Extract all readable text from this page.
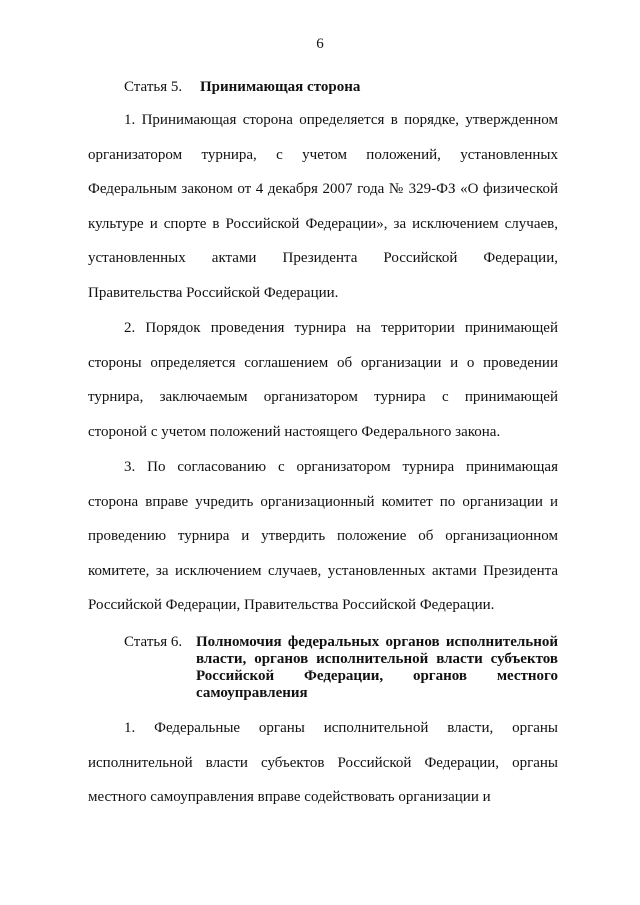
6
Статья 5.	Принимающая сторона

1. Принимающая сторона определяется в порядке, утвержденном организатором турнира, с учетом положений, установленных Федеральным законом от 4 декабря 2007 года № 329-ФЗ «О физической культуре и спорте в Российской Федерации», за исключением случаев, установленных актами Президента Российской Федерации, Правительства Российской Федерации.

2. Порядок проведения турнира на территории принимающей стороны определяется соглашением об организации и о проведении турнира, заключаемым организатором турнира с принимающей стороной с учетом положений настоящего Федерального закона.

3. По согласованию с организатором турнира принимающая сторона вправе учредить организационный комитет по организации и проведению турнира и утвердить положение об организационном комитете, за исключением случаев, установленных актами Президента Российской Федерации, Правительства Российской Федерации.

Статья 6. Полномочия федеральных органов исполнительной власти, органов исполнительной власти субъектов Российской Федерации, органов местного самоуправления

1. Федеральные органы исполнительной власти, органы исполнительной власти субъектов Российской Федерации, органы местного самоуправления вправе содействовать организации и
